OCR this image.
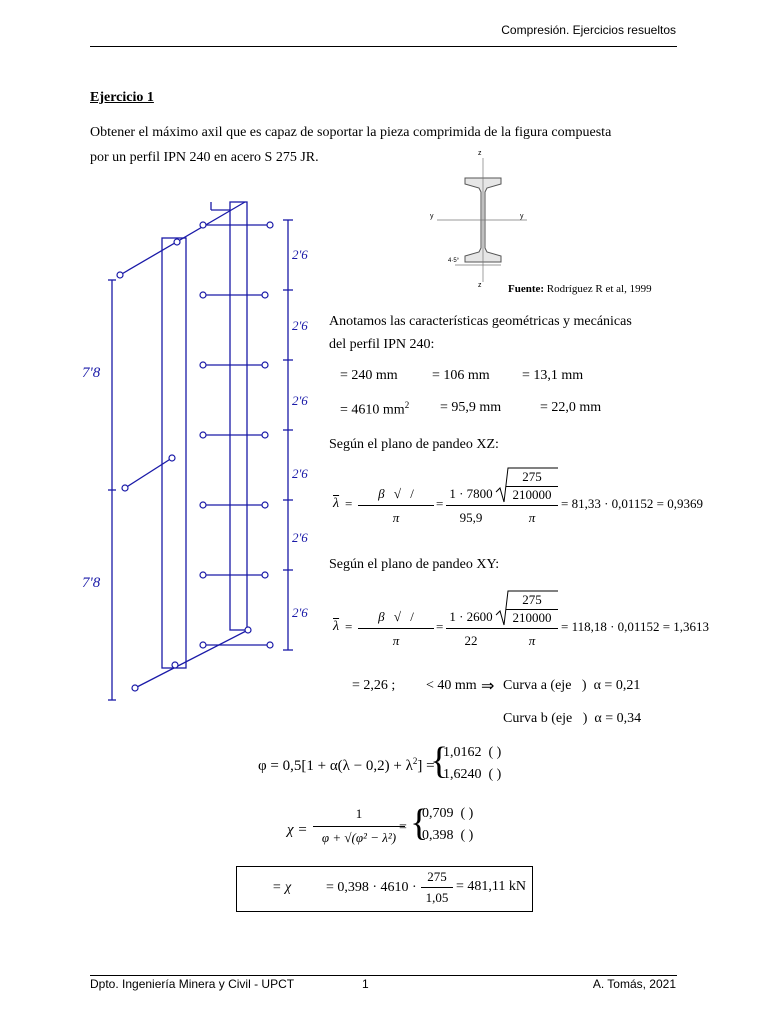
Compresión. Ejercicios resueltos
Ejercicio 1
Obtener el máximo axil que es capaz de soportar la pieza comprimida de la figura compuesta
por un perfil IPN 240 en acero S 275 JR.
7'8
7'8
2'6
2'6
2'6
2'6
2'6
2'6
z
z
y	y
4·5°
Fuente: Rodríguez R et al, 1999
Anotamos las características geométricas y mecánicas
del perfil IPN 240:
= 240 mm = 106 mm = 13,1 mm
= 4610 $mm^2 = 95,9$ mm	= 22,0 mm
Según el plano de pandeo XZ:
$\overline{\lambda}$ =
β √ /
π
=
1 · 7800
275
210000
95,9	π
= 81,33 · 0,01152 = 0,9369
Según el plano de pandeo XY:
$\overline{\lambda}$ =
β √ /
π
=
1 · 2600
275
210000
22	π
= 118,18 · 0,01152 = 1,3613
= 2,26 ; < 40 mm ⇒ Curva a (eje ) α = 0,21
Curva b (eje ) α = 0,34
$\varphi = 0,5[1 + \alpha(\lambda - 0,2) + \lambda^2]$ =
{
1,0162 ( )
1,6240 ( )
χ =
1
φ + √(φ² − λ²)
= {
0,709 ( )
0,398 ( )
= χ = 0,398 · 4610 ·
275
1,05
= 481,11 kN
Dpto. Ingeniería Minera y Civil - UPCT	1	A. Tomás, 2021
